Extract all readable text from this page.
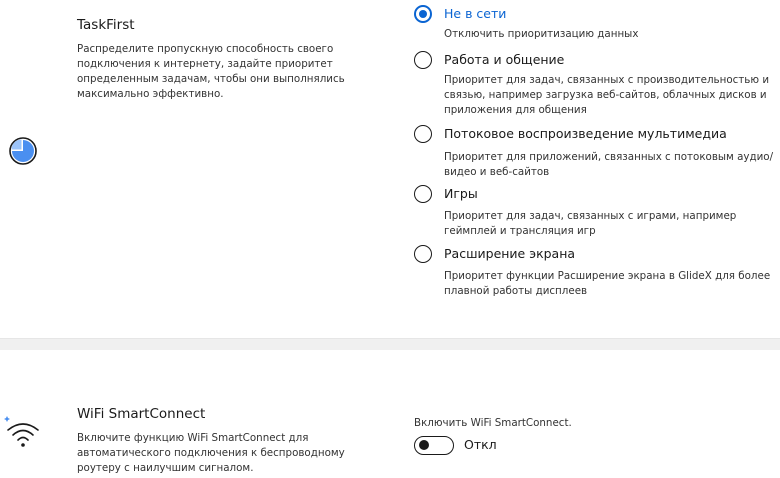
TaskFirst
Распределите пропускную способность своего подключения к интернету, задайте приоритет определенным задачам, чтобы они выполнялись максимально эффективно.
Не в сети
Отключить приоритизацию данных
Работа и общение
Приоритет для задач, связанных с производительностью и связью, например загрузка веб-сайтов, облачных дисков и приложения для общения
Потоковое воспроизведение мультимедиа
Приоритет для приложений, связанных с потоковым аудио/видео и веб-сайтов
Игры
Приоритет для задач, связанных с играми, например геймплей и трансляция игр
Расширение экрана
Приоритет функции Расширение экрана в GlideX для более плавной работы дисплеев
WiFi SmartConnect
Включите функцию WiFi SmartConnect для автоматического подключения к беспроводному роутеру с наилучшим сигналом.
Включить WiFi SmartConnect.
Откл
